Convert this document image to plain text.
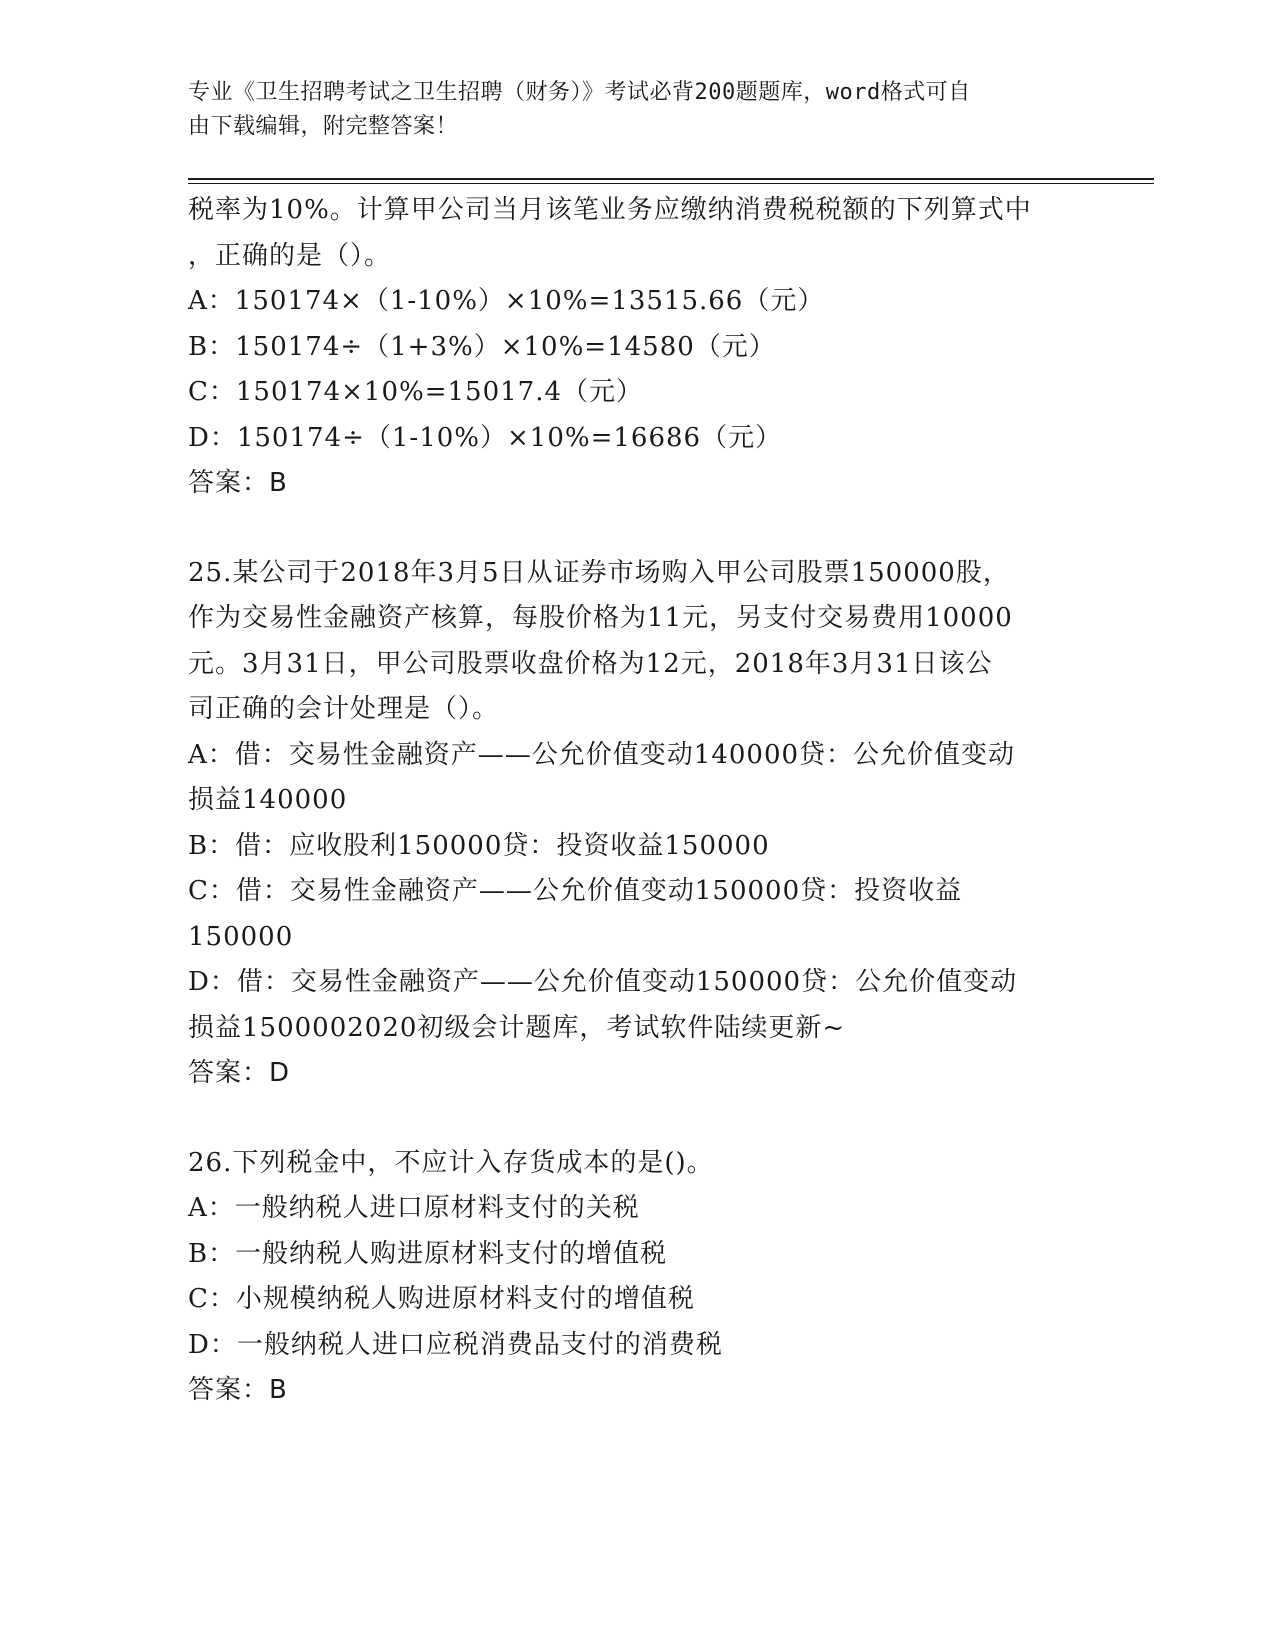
专业《卫生招聘考试之卫生招聘（财务）》考试必背200题题库，word格式可自
由下载编辑，附完整答案！
税率为10%。计算甲公司当月该笔业务应缴纳消费税税额的下列算式中
，正确的是（）。
A：150174×（1-10%）×10%=13515.66（元）
B：150174÷（1+3%）×10%=14580（元）
C：150174×10%=15017.4（元）
D：150174÷（1-10%）×10%=16686（元）
答案：B
25.某公司于2018年3月5日从证券市场购入甲公司股票150000股，
作为交易性金融资产核算，每股价格为11元，另支付交易费用10000
元。3月31日，甲公司股票收盘价格为12元，2018年3月31日该公
司正确的会计处理是（）。
A：借：交易性金融资产——公允价值变动140000贷：公允价值变动
损益140000
B：借：应收股利150000贷：投资收益150000
C：借：交易性金融资产——公允价值变动150000贷：投资收益
150000
D：借：交易性金融资产——公允价值变动150000贷：公允价值变动
损益1500002020初级会计题库，考试软件陆续更新~
答案：D
26.下列税金中，不应计入存货成本的是()。
A：一般纳税人进口原材料支付的关税
B：一般纳税人购进原材料支付的增值税
C：小规模纳税人购进原材料支付的增值税
D：一般纳税人进口应税消费品支付的消费税
答案：B
